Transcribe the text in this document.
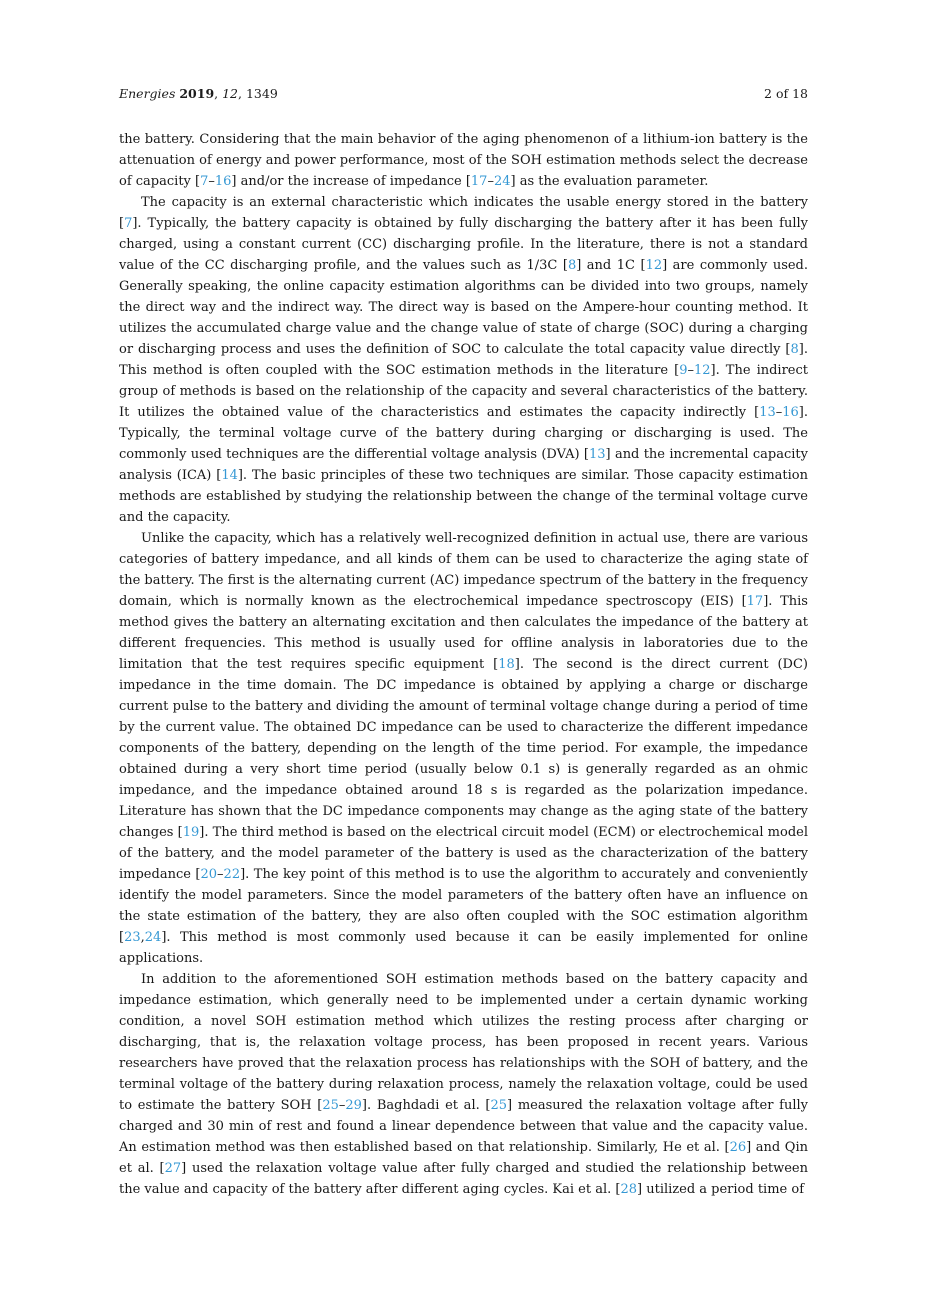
Energies 2019, 12, 1349	2 of 18

the battery. Considering that the main behavior of the aging phenomenon of a lithium-ion battery is the attenuation of energy and power performance, most of the SOH estimation methods select the decrease of capacity [7–16] and/or the increase of impedance [17–24] as the evaluation parameter.

The capacity is an external characteristic which indicates the usable energy stored in the battery [7]. Typically, the battery capacity is obtained by fully discharging the battery after it has been fully charged, using a constant current (CC) discharging profile. In the literature, there is not a standard value of the CC discharging profile, and the values such as 1/3C [8] and 1C [12] are commonly used. Generally speaking, the online capacity estimation algorithms can be divided into two groups, namely the direct way and the indirect way. The direct way is based on the Ampere-hour counting method. It utilizes the accumulated charge value and the change value of state of charge (SOC) during a charging or discharging process and uses the definition of SOC to calculate the total capacity value directly [8]. This method is often coupled with the SOC estimation methods in the literature [9–12]. The indirect group of methods is based on the relationship of the capacity and several characteristics of the battery. It utilizes the obtained value of the characteristics and estimates the capacity indirectly [13–16]. Typically, the terminal voltage curve of the battery during charging or discharging is used. The commonly used techniques are the differential voltage analysis (DVA) [13] and the incremental capacity analysis (ICA) [14]. The basic principles of these two techniques are similar. Those capacity estimation methods are established by studying the relationship between the change of the terminal voltage curve and the capacity.

Unlike the capacity, which has a relatively well-recognized definition in actual use, there are various categories of battery impedance, and all kinds of them can be used to characterize the aging state of the battery. The first is the alternating current (AC) impedance spectrum of the battery in the frequency domain, which is normally known as the electrochemical impedance spectroscopy (EIS) [17]. This method gives the battery an alternating excitation and then calculates the impedance of the battery at different frequencies. This method is usually used for offline analysis in laboratories due to the limitation that the test requires specific equipment [18]. The second is the direct current (DC) impedance in the time domain. The DC impedance is obtained by applying a charge or discharge current pulse to the battery and dividing the amount of terminal voltage change during a period of time by the current value. The obtained DC impedance can be used to characterize the different impedance components of the battery, depending on the length of the time period. For example, the impedance obtained during a very short time period (usually below 0.1 s) is generally regarded as an ohmic impedance, and the impedance obtained around 18 s is regarded as the polarization impedance. Literature has shown that the DC impedance components may change as the aging state of the battery changes [19]. The third method is based on the electrical circuit model (ECM) or electrochemical model of the battery, and the model parameter of the battery is used as the characterization of the battery impedance [20–22]. The key point of this method is to use the algorithm to accurately and conveniently identify the model parameters. Since the model parameters of the battery often have an influence on the state estimation of the battery, they are also often coupled with the SOC estimation algorithm [23,24]. This method is most commonly used because it can be easily implemented for online applications.

In addition to the aforementioned SOH estimation methods based on the battery capacity and impedance estimation, which generally need to be implemented under a certain dynamic working condition, a novel SOH estimation method which utilizes the resting process after charging or discharging, that is, the relaxation voltage process, has been proposed in recent years. Various researchers have proved that the relaxation process has relationships with the SOH of battery, and the terminal voltage of the battery during relaxation process, namely the relaxation voltage, could be used to estimate the battery SOH [25–29]. Baghdadi et al. [25] measured the relaxation voltage after fully charged and 30 min of rest and found a linear dependence between that value and the capacity value. An estimation method was then established based on that relationship. Similarly, He et al. [26] and Qin et al. [27] used the relaxation voltage value after fully charged and studied the relationship between the value and capacity of the battery after different aging cycles. Kai et al. [28] utilized a period time of
